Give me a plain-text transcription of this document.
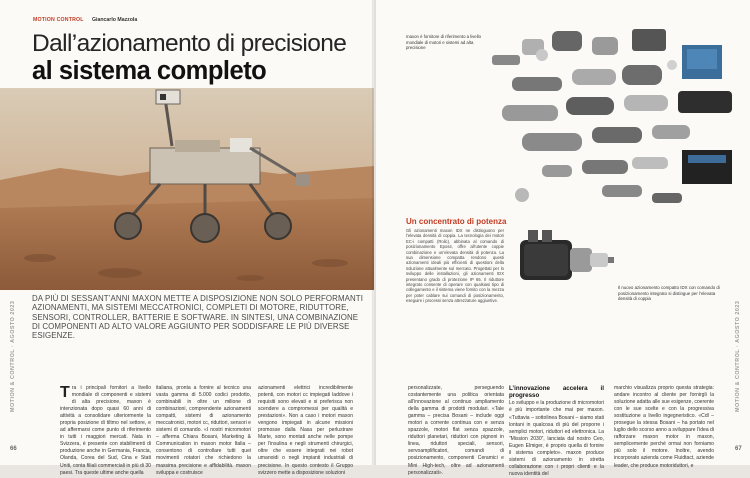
MOTION CONTROL Giancarlo Mazzola
Dall’azionamento di precisione
al sistema completo
DA PIÙ DI SESSANT’ANNI MAXON METTE A DISPOSIZIONE NON SOLO PERFORMANTI AZIONAMENTI, MA SISTEMI MECCATRONICI, COMPLETI DI MOTORE, RIDUTTORE, SENSORI, CONTROLLER, BATTERIE E SOFTWARE. IN SINTESI, UNA COMBINAZIONE DI COMPONENTI AD ALTO VALORE AGGIUNTO PER SODDISFARE LE PIÙ DIVERSE ESIGENZE.
Tra i principali fornitori a livello mondiale di componenti e sistemi di alta precisione, maxon è intenzionata dopo quasi 60 anni di attività a consolidare ulteriormente la propria posizione di tiltmo nel settore, e ad affermarsi come punto di riferimento in tutti i maggiori mercati. Nata in Svizzera, è presente con stabilimenti di produzione anche in Germania, Francia, Olanda, Corea del Sud, Cina e Stati Uniti, conta filiali commerciali in più di 30 paesi. Tra queste ultime anche quella
italiana, pronta a fornire al tecnico una vasta gamma di 5.000 codici prodotto, combinabili in oltre un milione di combinazioni, comprendente azionamenti compatti, sistemi di azionamento meccatronici, motori cc, riduttori, sensori e sistemi di comando. «I nostri micromotori – afferma Chiara Bosani, Marketing & Communication in maxon motor Italia – consentono di controllare tutti quei movimenti rotatori che richiedono la massima precisione e affidabilità. maxon sviluppa e costruisce
azionamenti elettrici incredibilmente potenti, con motori cc impiegati laddove i requisiti sono elevati e si preferisca non scendere a compromessi per qualità e prestazioni». Non a caso i motori maxon vengono impiegati in alcune missioni promosse dalla Nasa per perlustrare Marte, sono montati anche nelle pompe per l’insulina e negli strumenti chirurgici, oltre che essere integrati nei robot umanoidi o negli impianti industriali di precisione. In questo contesto il Gruppo svizzero mette a disposizione soluzioni
MOTION & CONTROL · AGOSTO 2023
66
maxon è fornitore di riferimento a livello mondiale di motori e sistemi ad alta precisione
Un concentrato di potenza
Gli azionamenti maxon IDX ne distinguono per l’elevata densità di coppia. La tecnologia dei motori EC-i compatti (Rolic), abbinata al comando di posizionamento Epos4, offre all’utente coppie combinazione e un’elevata densità di potenza. La sua dimensione compatta rendono questi azionamenti ideali più efficienti di questioni della soluzione attualmente sul mercato. Progettati per lo sviluppo delle installazioni, gli azionamenti IDX presentano grado di protezione IP 65. Il riduttore integrato consente di operare con qualsiasi tipo di collegamento e il sistema viene fornito con la mezza per poter cablare sui comandi di posizionamento, eseguire i processi senza attrezzature aggiuntive.
Il nuovo azionamento compatto IDX con comando di posizionamento integrato si distingue per l’elevata densità di coppia
personalizzate, perseguendo costantemente una politica orientata all’innovazione al continuo ampliamento della gamma di prodotti modulari. «Tale gamma – precisa Bosani – include oggi motori a corrente continua con e senza spazzole, motori flat senza spazzole, riduttori planetari, riduttori con pignoni in linea, riduttori speciali, sensori, servoamplificatori, comandi di posizionamento, componenti Ceramici e Mini High-tech, oltre ad azionamenti personalizzati».
L’innovazione accelera il progresso

Lo sviluppo e la produzione di micromotori è più importante che mai per maxon. «Tuttavia – sottolinea Bosani – siamo stati lontani in qualcosa di più del proporre i semplici motori, riduttori ed elettronica. La “Mission 2030”, lanciata dal nostro Ceo, Eugen Elmiger, è proprio quella di fornire il sistema completo». maxon produce sistemi di azionamento in stretta collaborazione con i propri clienti e la nuova identità del

marchio visualizza proprio questa strategia: andare incontro al cliente per fornirgli la soluzione adatta alle sue esigenze, coerente con le sue scelte e con la progressiva sostituzione a livello ingegneristico. «Cdl – prosegue la stessa Bosani – ha portato nel luglio dello scorso anno a sviluppare l’idea di rafforzare maxon motor in maxon, semplicemente perché ormai non forniamo più solo il motore. Inoltre, avendo incorporato azienda come Fluidtact, aziende leader, che produce motoriduttori, e
MOTION & CONTROL · AGOSTO 2023
67
